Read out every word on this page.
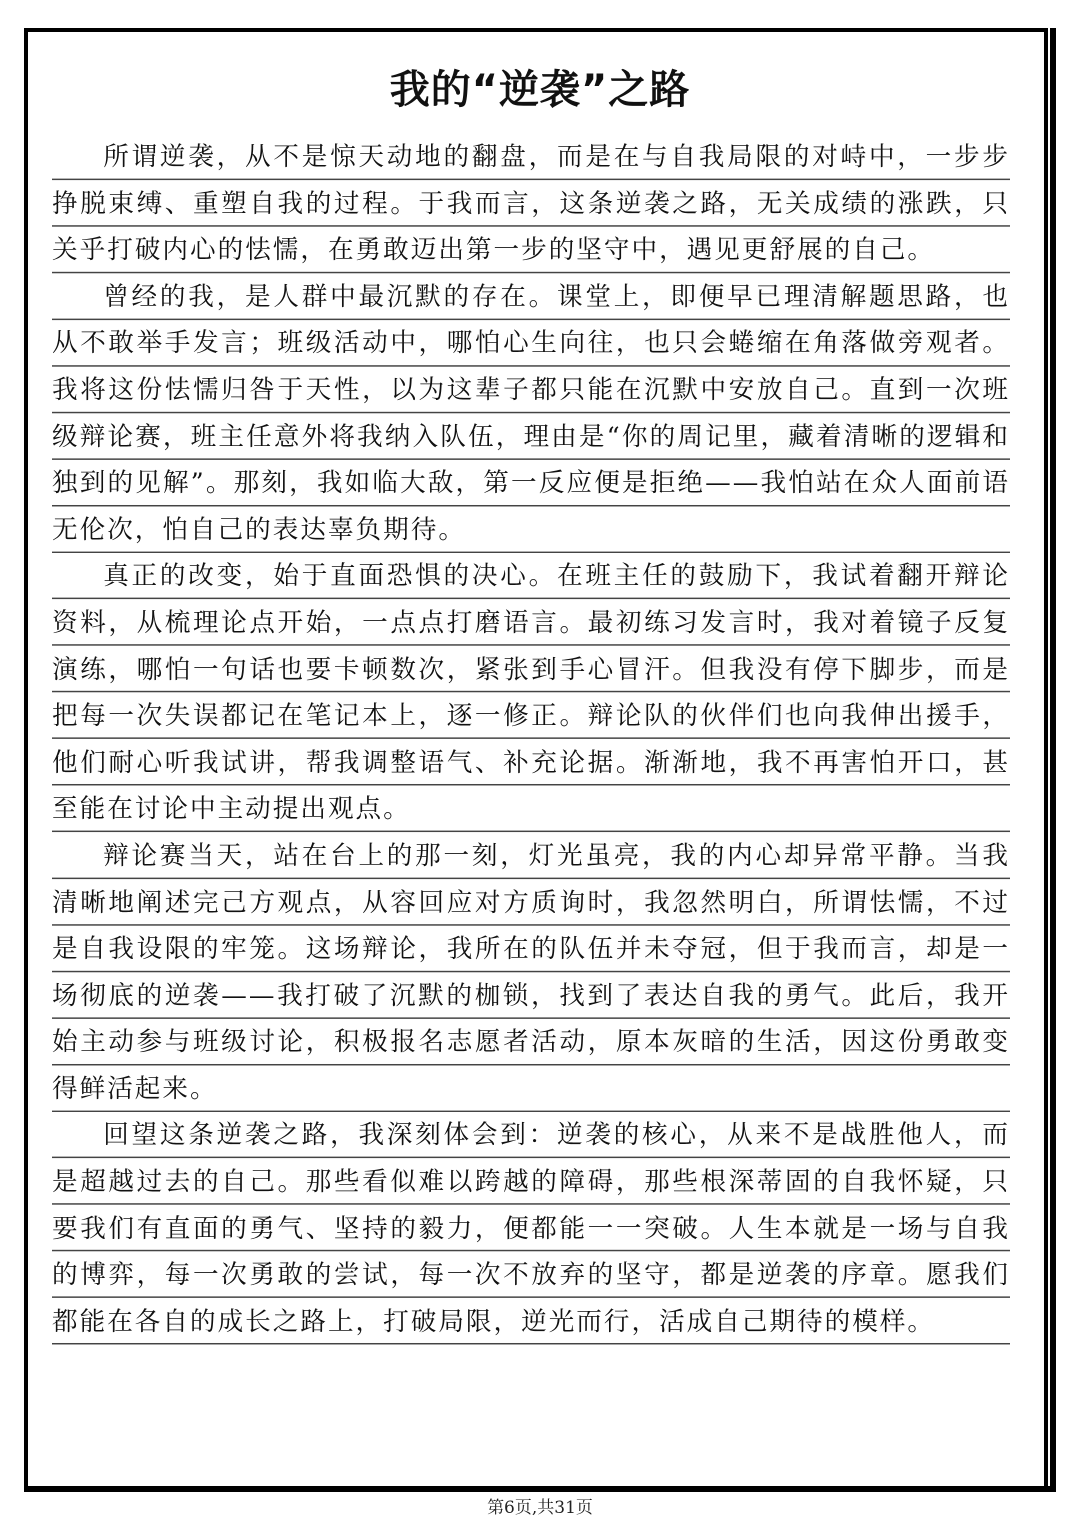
我的“逆袭”之路

所谓逆袭，从不是惊天动地的翻盘，而是在与自我局限的对峙中，一步步挣脱束缚、重塑自我的过程。于我而言，这条逆袭之路，无关成绩的涨跌，只关乎打破内心的怯懦，在勇敢迈出第一步的坚守中，遇见更舒展的自己。

曾经的我，是人群中最沉默的存在。课堂上，即便早已理清解题思路，也从不敢举手发言；班级活动中，哪怕心生向往，也只会蜷缩在角落做旁观者。我将这份怯懦归咎于天性，以为这辈子都只能在沉默中安放自己。直到一次班级辩论赛，班主任意外将我纳入队伍，理由是“你的周记里，藏着清晰的逻辑和独到的见解”。那刻，我如临大敌，第一反应便是拒绝——我怕站在众人面前语无伦次，怕自己的表达辜负期待。

真正的改变，始于直面恐惧的决心。在班主任的鼓励下，我试着翻开辩论资料，从梳理论点开始，一点点打磨语言。最初练习发言时，我对着镜子反复演练，哪怕一句话也要卡顿数次，紧张到手心冒汗。但我没有停下脚步，而是把每一次失误都记在笔记本上，逐一修正。辩论队的伙伴们也向我伸出援手，他们耐心听我试讲，帮我调整语气、补充论据。渐渐地，我不再害怕开口，甚至能在讨论中主动提出观点。

辩论赛当天，站在台上的那一刻，灯光虽亮，我的内心却异常平静。当我清晰地阐述完己方观点，从容回应对方质询时，我忽然明白，所谓怯懦，不过是自我设限的牢笼。这场辩论，我所在的队伍并未夺冠，但于我而言，却是一场彻底的逆袭——我打破了沉默的枷锁，找到了表达自我的勇气。此后，我开始主动参与班级讨论，积极报名志愿者活动，原本灰暗的生活，因这份勇敢变得鲜活起来。

回望这条逆袭之路，我深刻体会到：逆袭的核心，从来不是战胜他人，而是超越过去的自己。那些看似难以跨越的障碍，那些根深蒂固的自我怀疑，只要我们有直面的勇气、坚持的毅力，便都能一一突破。人生本就是一场与自我的博弈，每一次勇敢的尝试，每一次不放弃的坚守，都是逆袭的序章。愿我们都能在各自的成长之路上，打破局限，逆光而行，活成自己期待的模样。

第6页,共31页
